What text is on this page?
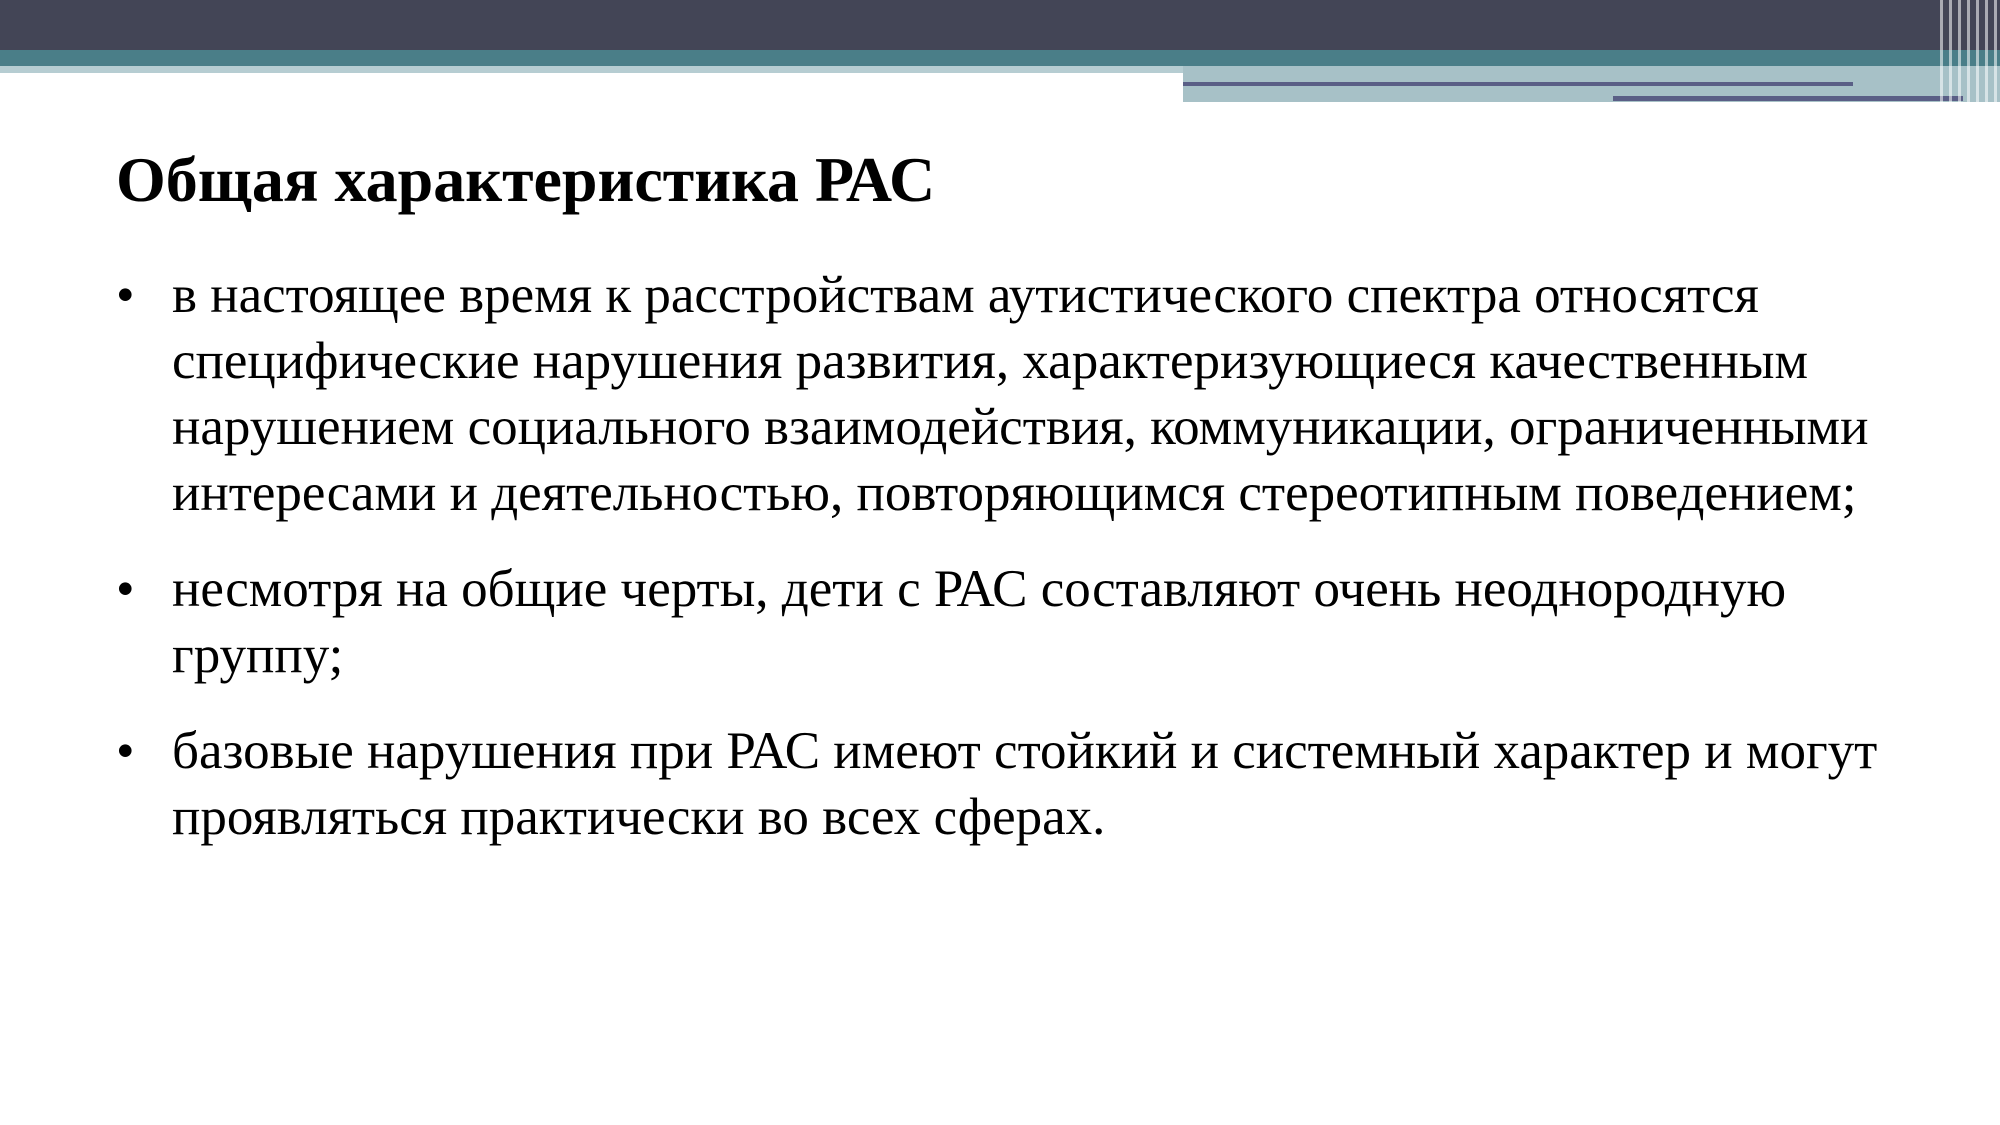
Общая характеристика РАС
• в настоящее время к расстройствам аутистического спектра относятся специфические нарушения развития, характеризующиеся качественным нарушением социального взаимодействия, коммуникации, ограниченными интересами и деятельностью, повторяющимся стереотипным поведением;
• несмотря на общие черты, дети с РАС составляют очень неоднородную группу;
• базовые нарушения при РАС имеют стойкий и системный характер и могут проявляться практически во всех сферах.
